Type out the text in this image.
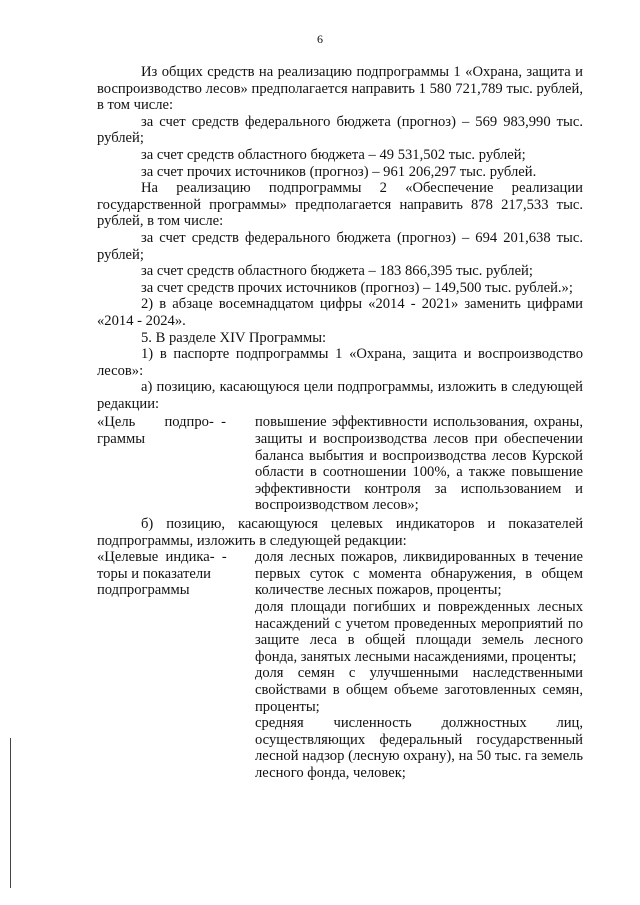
6

Из общих средств на реализацию подпрограммы 1 «Охрана, защита и воспроизводство лесов» предполагается направить 1 580 721,789 тыс. рублей, в том числе:

за счет средств федерального бюджета (прогноз) – 569 983,990 тыс. рублей;

за счет средств областного бюджета – 49 531,502 тыс. рублей;

за счет прочих источников (прогноз) – 961 206,297 тыс. рублей.

На реализацию подпрограммы 2 «Обеспечение реализации государственной программы» предполагается направить 878 217,533 тыс. рублей, в том числе:

за счет средств федерального бюджета (прогноз) – 694 201,638 тыс. рублей;

за счет средств областного бюджета – 183 866,395 тыс. рублей;

за счет средств прочих источников (прогноз) – 149,500 тыс. рублей.»;

2) в абзаце восемнадцатом цифры «2014 - 2021» заменить цифрами «2014 - 2024».

5. В разделе XIV Программы:

1) в паспорте подпрограммы 1 «Охрана, защита и воспроизводство лесов»:

а) позицию, касающуюся цели подпрограммы, изложить в следующей редакции:

«Цель        подпро-  -
граммы

повышение эффективности использования, охраны, защиты и воспроизводства лесов при обеспечении баланса выбытия и воспроизводства лесов Курской области в соотношении 100%, а также повышение эффективности контроля за использованием и воспроизводством лесов»;

б) позицию, касающуюся целевых индикаторов и показателей подпрограммы, изложить в следующей редакции:

«Целевые  индика-  -
торы и показатели
подпрограммы

доля лесных пожаров, ликвидированных в течение первых суток с момента обнаружения, в общем количестве лесных пожаров, проценты;

доля площади погибших и поврежденных лесных насаждений с учетом проведенных мероприятий по защите леса в общей площади земель лесного фонда, занятых лесными насаждениями, проценты;

доля семян с улучшенными наследственными свойствами в общем объеме заготовленных семян, проценты;

средняя численность должностных лиц, осуществляющих федеральный государственный лесной надзор (лесную охрану), на 50 тыс. га земель лесного фонда, человек;
